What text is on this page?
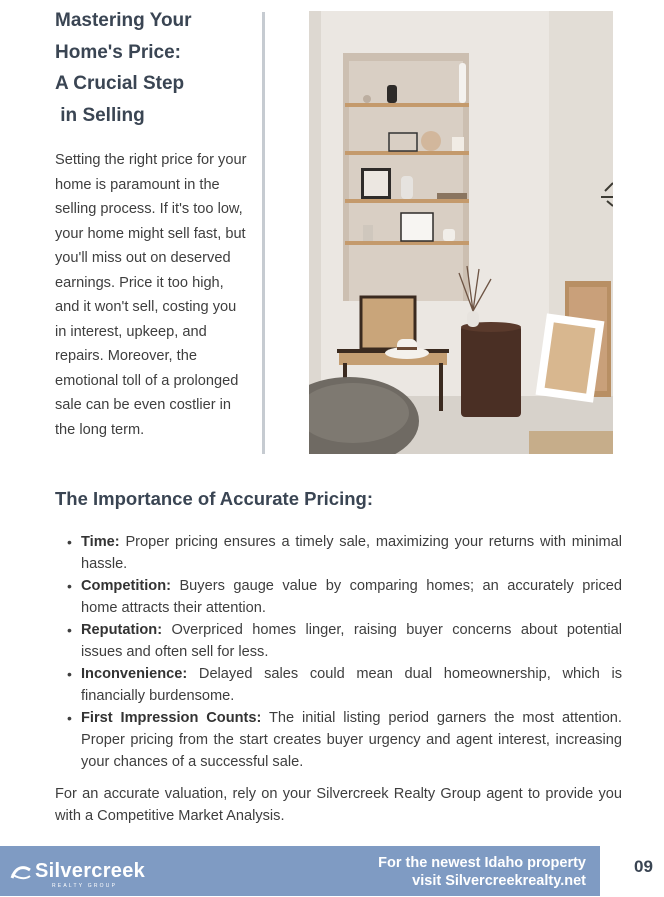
Mastering Your
Home's Price:
A Crucial Step
in Selling

Setting the right price for your home is paramount in the selling process. If it's too low, your home might sell fast, but you'll miss out on deserved earnings. Price it too high, and it won't sell, costing you in interest, upkeep, and repairs. Moreover, the emotional toll of a prolonged sale can be even costlier in the long term.

The Importance of Accurate Pricing:
• Time: Proper pricing ensures a timely sale, maximizing your returns with minimal hassle.
• Competition: Buyers gauge value by comparing homes; an accurately priced home attracts their attention.
• Reputation: Overpriced homes linger, raising buyer concerns about potential issues and often sell for less.
• Inconvenience: Delayed sales could mean dual homeownership, which is financially burdensome.
• First Impression Counts: The initial listing period garners the most attention. Proper pricing from the start creates buyer urgency and agent interest, increasing your chances of a successful sale.

For an accurate valuation, rely on your Silvercreek Realty Group agent to provide you with a Competitive Market Analysis.

Silvercreek
REALTY GROUP
For the newest Idaho property
visit Silvercreekrealty.net
09
